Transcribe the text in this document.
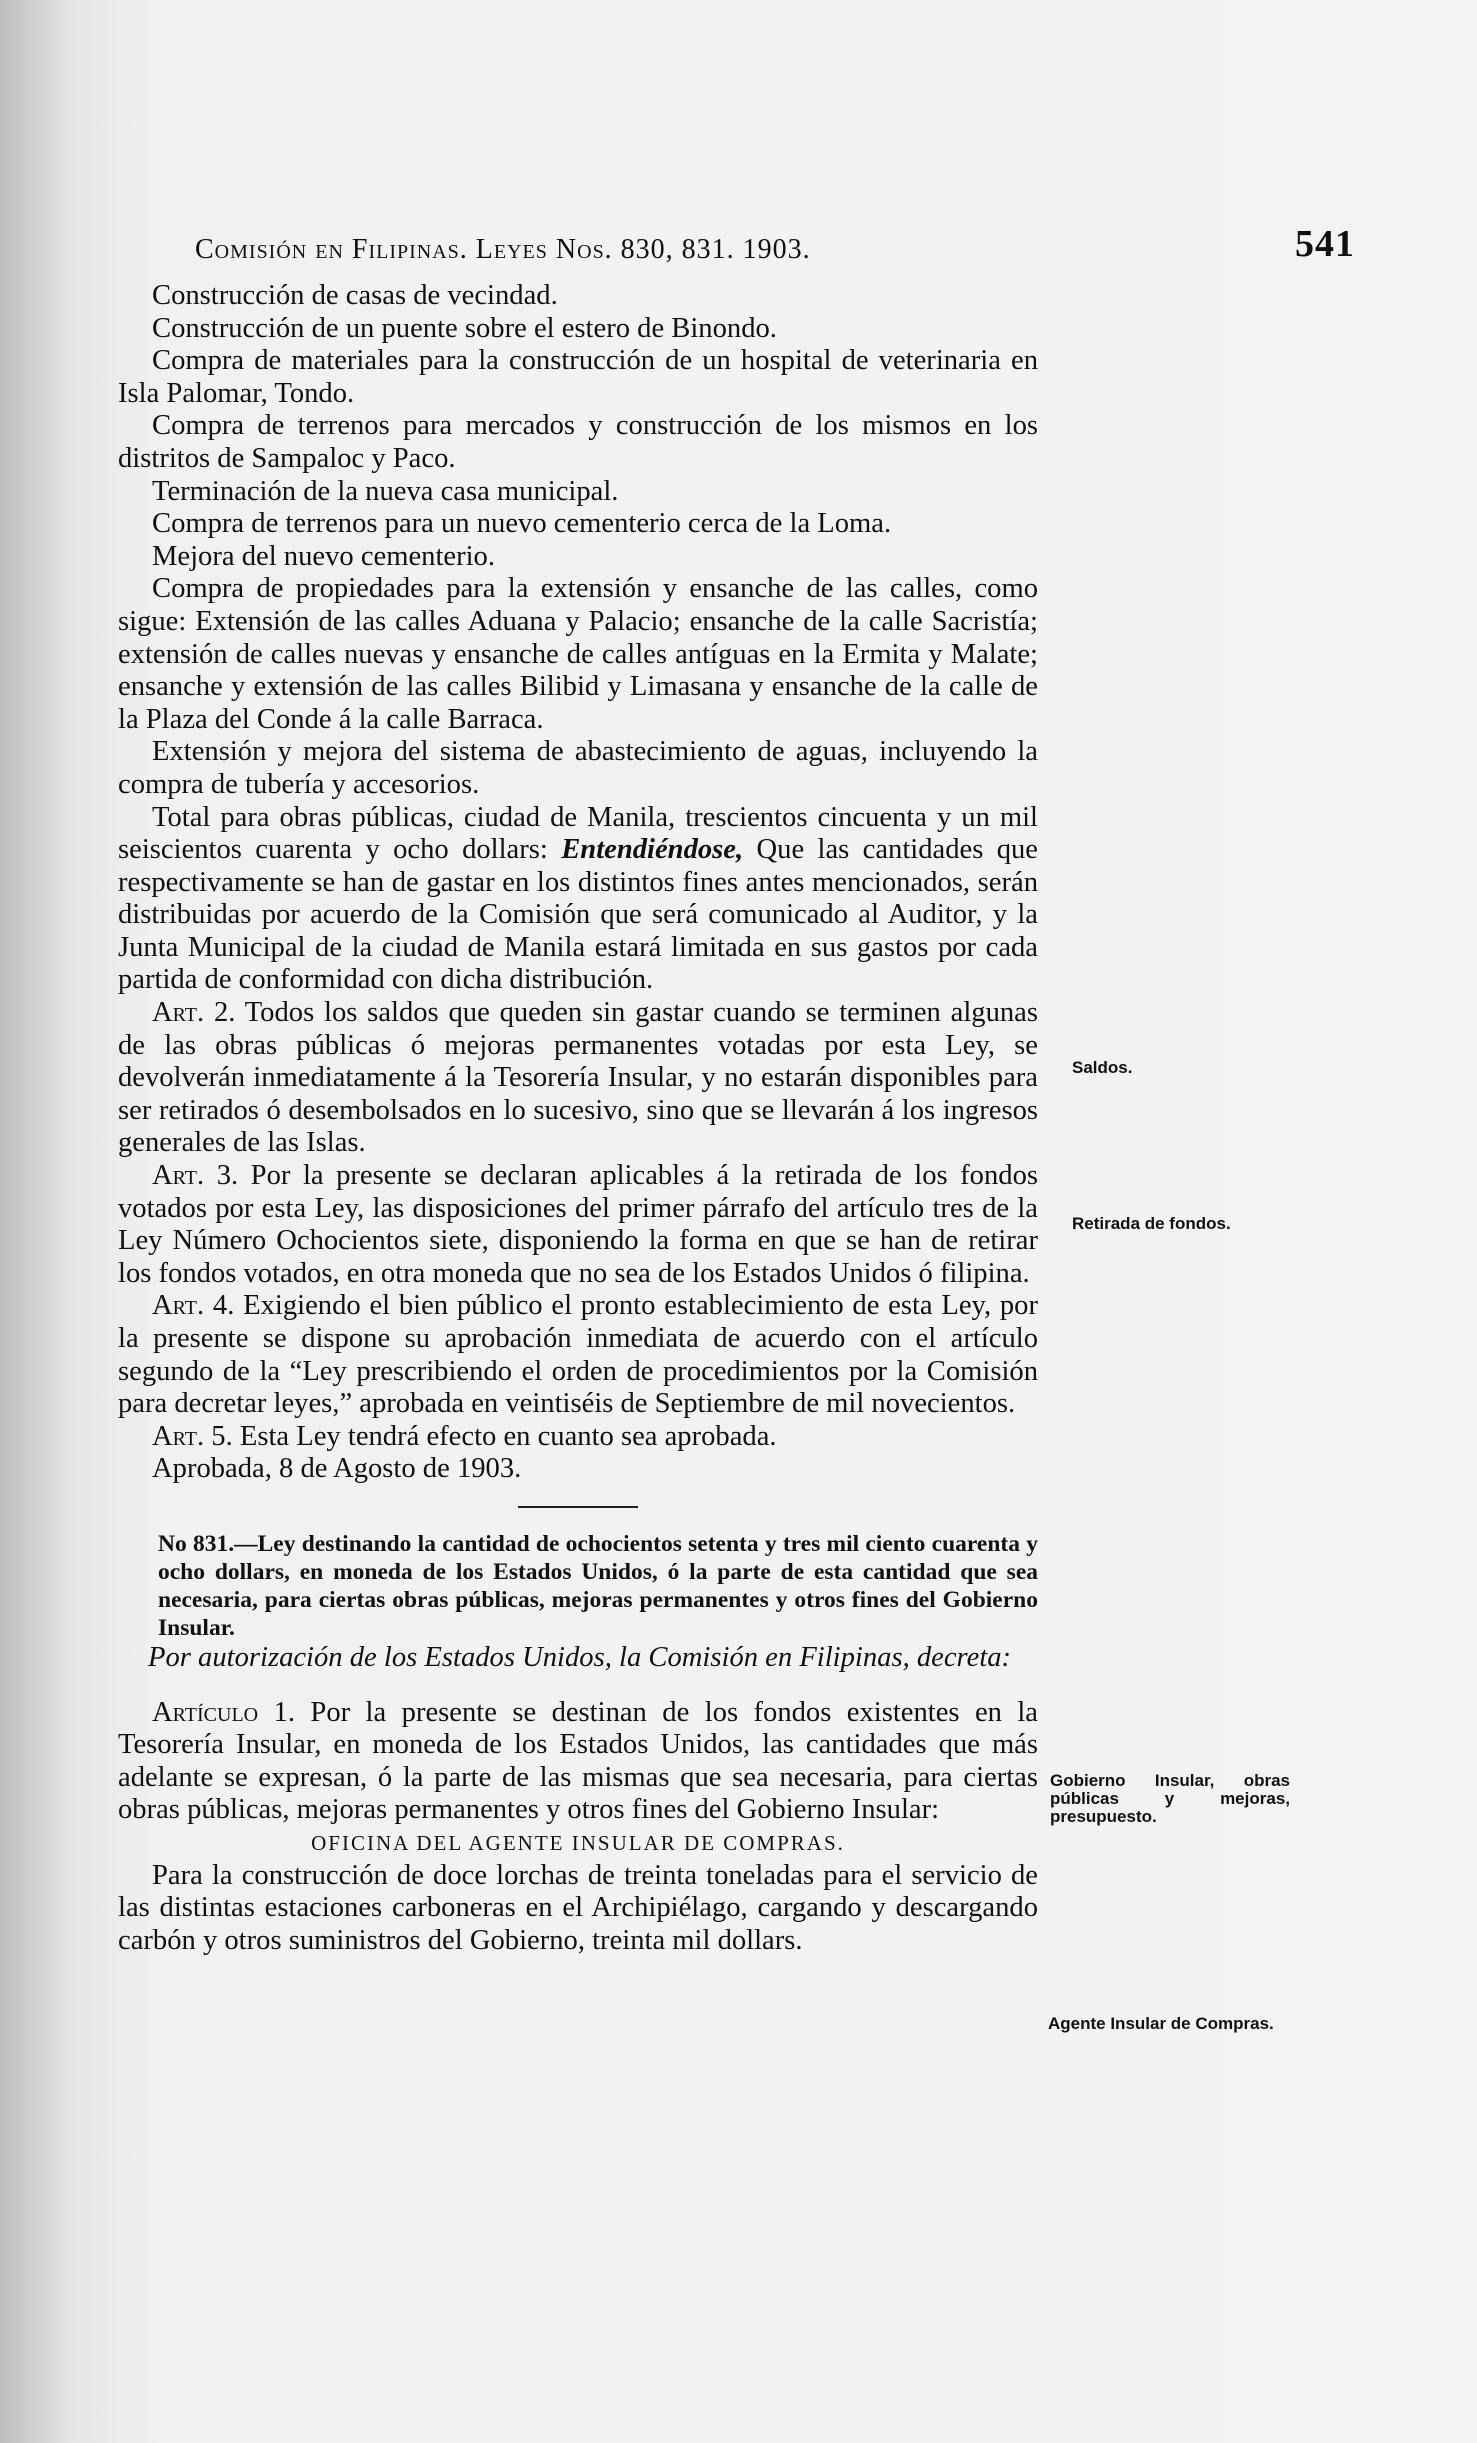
Comisión en Filipinas. Leyes Nos. 830, 831. 1903.	541

Construcción de casas de vecindad.

Construcción de un puente sobre el estero de Binondo.

Compra de materiales para la construcción de un hospital de veterinaria en Isla Palomar, Tondo.

Compra de terrenos para mercados y construcción de los mismos en los distritos de Sampaloc y Paco.

Terminación de la nueva casa municipal.

Compra de terrenos para un nuevo cementerio cerca de la Loma.

Mejora del nuevo cementerio.

Compra de propiedades para la extensión y ensanche de las calles, como sigue: Extensión de las calles Aduana y Palacio; ensanche de la calle Sacristía; extensión de calles nuevas y ensanche de calles antíguas en la Ermita y Malate; ensanche y extensión de las calles Bilibid y Limasana y ensanche de la calle de la Plaza del Conde á la calle Barraca.

Extensión y mejora del sistema de abastecimiento de aguas, incluyendo la compra de tubería y accesorios.

Total para obras públicas, ciudad de Manila, trescientos cincuenta y un mil seiscientos cuarenta y ocho dollars: Entendiéndose, Que las cantidades que respectivamente se han de gastar en los distintos fines antes mencionados, serán distribuidas por acuerdo de la Comisión que será comunicado al Auditor, y la Junta Municipal de la ciudad de Manila estará limitada en sus gastos por cada partida de conformidad con dicha distribución.

Art. 2. Todos los saldos que queden sin gastar cuando se terminen algunas de las obras públicas ó mejoras permanentes votadas por esta Ley, se devolverán inmediatamente á la Tesorería Insular, y no estarán disponibles para ser retirados ó desembolsados en lo sucesivo, sino que se llevarán á los ingresos generales de las Islas.

Art. 3. Por la presente se declaran aplicables á la retirada de los fondos votados por esta Ley, las disposiciones del primer párrafo del artículo tres de la Ley Número Ochocientos siete, disponiendo la forma en que se han de retirar los fondos votados, en otra moneda que no sea de los Estados Unidos ó filipina.

Art. 4. Exigiendo el bien público el pronto establecimiento de esta Ley, por la presente se dispone su aprobación inmediata de acuerdo con el artículo segundo de la “Ley prescribiendo el orden de procedimientos por la Comisión para decretar leyes,” aprobada en veintiséis de Septiembre de mil novecientos.

Art. 5. Esta Ley tendrá efecto en cuanto sea aprobada.

Aprobada, 8 de Agosto de 1903.

No 831.—Ley destinando la cantidad de ochocientos setenta y tres mil ciento cuarenta y ocho dollars, en moneda de los Estados Unidos, ó la parte de esta cantidad que sea necesaria, para ciertas obras públicas, mejoras permanentes y otros fines del Gobierno Insular.

Por autorización de los Estados Unidos, la Comisión en Filipinas, decreta:

Artículo 1. Por la presente se destinan de los fondos existentes en la Tesorería Insular, en moneda de los Estados Unidos, las cantidades que más adelante se expresan, ó la parte de las mismas que sea necesaria, para ciertas obras públicas, mejoras permanentes y otros fines del Gobierno Insular:

OFICINA DEL AGENTE INSULAR DE COMPRAS.

Para la construcción de doce lorchas de treinta toneladas para el servicio de las distintas estaciones carboneras en el Archipiélago, cargando y descargando carbón y otros suministros del Gobierno, treinta mil dollars.

Saldos.
Retirada de fondos.
Gobierno Insular, obras públicas y mejoras, presupuesto.
Agente Insular de Compras.
